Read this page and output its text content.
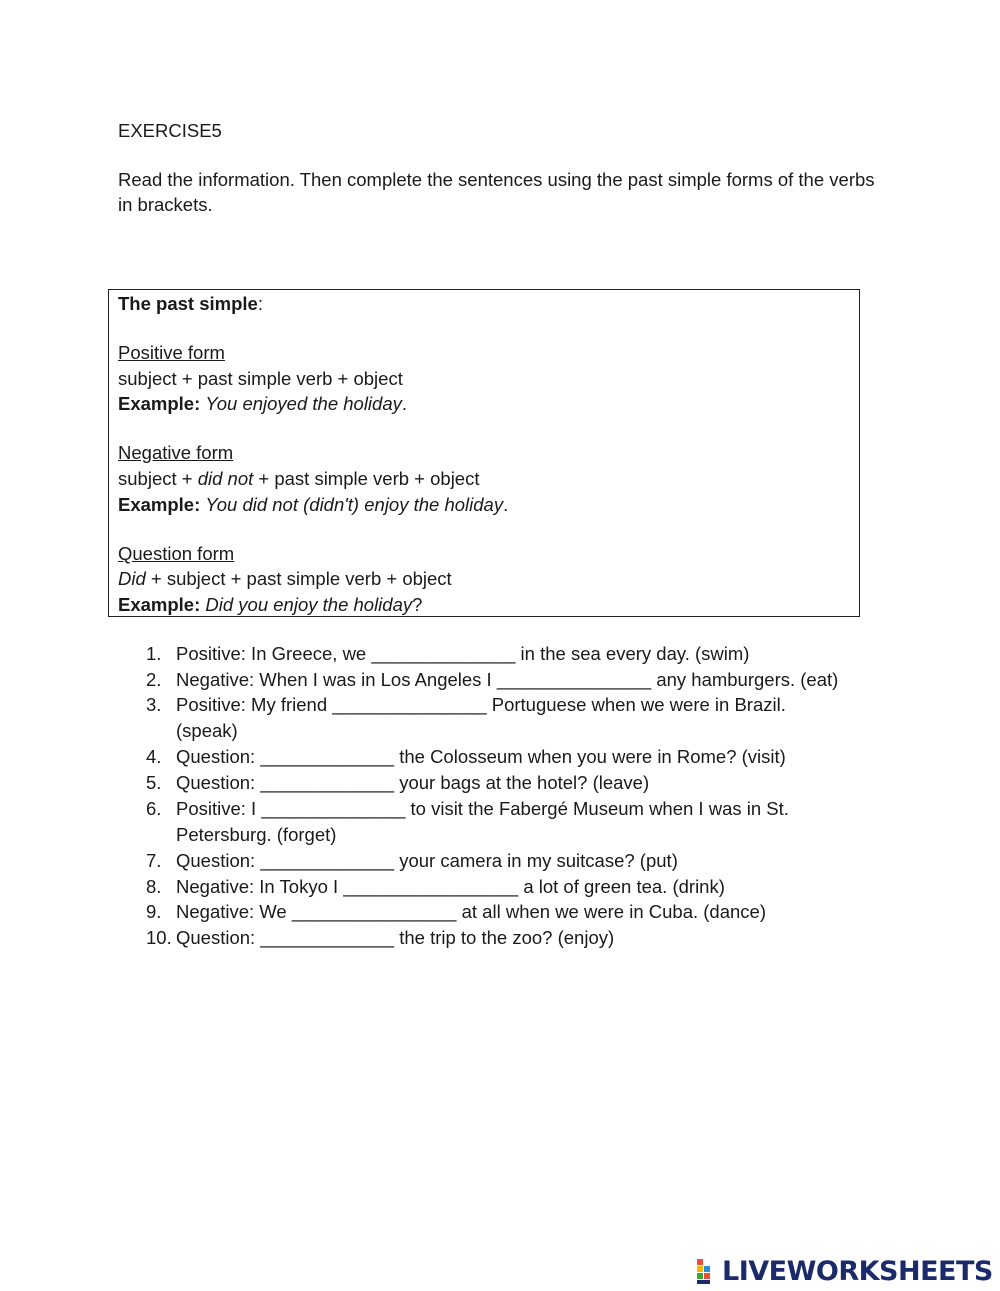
EXERCISE5
Read the information. Then complete the sentences using the past simple forms of the verbs in brackets.
The past simple:
Positive form
subject + past simple verb + object
Example: You enjoyed the holiday.
Negative form
subject + did not + past simple verb + object
Example: You did not (didn't) enjoy the holiday.
Question form
Did + subject + past simple verb + object
Example: Did you enjoy the holiday?
1. Positive: In Greece, we ______________ in the sea every day. (swim)
2. Negative: When I was in Los Angeles I _______________ any hamburgers. (eat)
3. Positive: My friend _______________ Portuguese when we were in Brazil.
(speak)
4. Question: _____________ the Colosseum when you were in Rome? (visit)
5. Question: _____________ your bags at the hotel? (leave)
6. Positive: I ______________ to visit the Fabergé Museum when I was in St.
Petersburg. (forget)
7. Question: _____________ your camera in my suitcase? (put)
8. Negative: In Tokyo I _________________ a lot of green tea. (drink)
9. Negative: We ________________ at all when we were in Cuba. (dance)
10. Question: _____________ the trip to the zoo? (enjoy)
LIVEWORKSHEETS
